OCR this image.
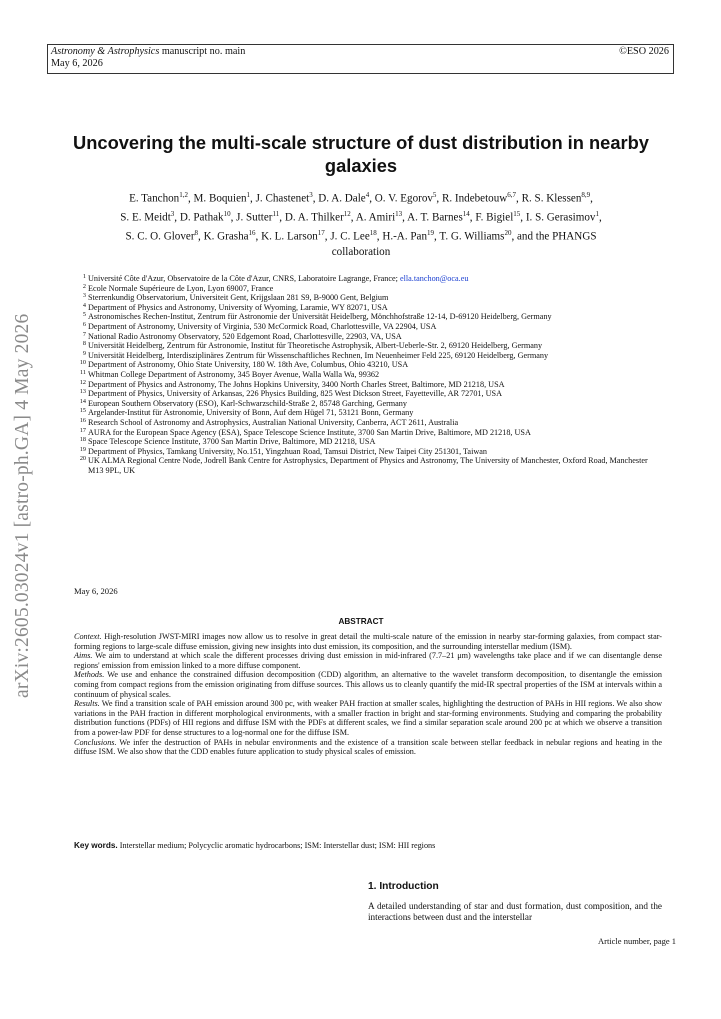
Astronomy & Astrophysics manuscript no. main
May 6, 2026
©ESO 2026
arXiv:2605.03024v1 [astro-ph.GA] 4 May 2026
Uncovering the multi-scale structure of dust distribution in nearby galaxies
E. Tanchon$^{1,2}$, M. Boquien$^1$, J. Chastenet$^3$, D. A. Dale$^4$, O. V. Egorov$^5$, R. Indebetouw$^{6,7}$, R. S. Klessen$^{8,9}$,
S. E. Meidt$^3$, D. Pathak$^{10}$, J. Sutter$^{11}$, D. A. Thilker$^{12}$, A. Amiri$^{13}$, A. T. Barnes$^{14}$, F. Bigiel$^{15}$, I. S. Gerasimov$^1$,
S. C. O. Glover$^8$, K. Grasha$^{16}$, K. L. Larson$^{17}$, J. C. Lee$^{18}$, H.-A. Pan$^{19}$, T. G. Williams$^{20}$, and the PHANGS
collaboration
1 Université Côte d'Azur, Observatoire de la Côte d'Azur, CNRS, Laboratoire Lagrange, France; ella.tanchon@oca.eu
2 Ecole Normale Supérieure de Lyon, Lyon 69007, France
3 Sterrenkundig Observatorium, Universiteit Gent, Krijgslaan 281 S9, B-9000 Gent, Belgium
4 Department of Physics and Astronomy, University of Wyoming, Laramie, WY 82071, USA
5 Astronomisches Rechen-Institut, Zentrum für Astronomie der Universität Heidelberg, Mönchhofstraße 12-14, D-69120 Heidelberg, Germany
6 Department of Astronomy, University of Virginia, 530 McCormick Road, Charlottesville, VA 22904, USA
7 National Radio Astronomy Observatory, 520 Edgemont Road, Charlottesville, 22903, VA, USA
8 Universität Heidelberg, Zentrum für Astronomie, Institut für Theoretische Astrophysik, Albert-Ueberle-Str. 2, 69120 Heidelberg, Germany
9 Universität Heidelberg, Interdisziplinäres Zentrum für Wissenschaftliches Rechnen, Im Neuenheimer Feld 225, 69120 Heidelberg, Germany
10 Department of Astronomy, Ohio State University, 180 W. 18th Ave, Columbus, Ohio 43210, USA
11 Whitman College Department of Astronomy, 345 Boyer Avenue, Walla Walla Wa, 99362
12 Department of Physics and Astronomy, The Johns Hopkins University, 3400 North Charles Street, Baltimore, MD 21218, USA
13 Department of Physics, University of Arkansas, 226 Physics Building, 825 West Dickson Street, Fayetteville, AR 72701, USA
14 European Southern Observatory (ESO), Karl-Schwarzschild-Straße 2, 85748 Garching, Germany
15 Argelander-Institut für Astronomie, University of Bonn, Auf dem Hügel 71, 53121 Bonn, Germany
16 Research School of Astronomy and Astrophysics, Australian National University, Canberra, ACT 2611, Australia
17 AURA for the European Space Agency (ESA), Space Telescope Science Institute, 3700 San Martin Drive, Baltimore, MD 21218, USA
18 Space Telescope Science Institute, 3700 San Martin Drive, Baltimore, MD 21218, USA
19 Department of Physics, Tamkang University, No.151, Yingzhuan Road, Tamsui District, New Taipei City 251301, Taiwan
20 UK ALMA Regional Centre Node, Jodrell Bank Centre for Astrophysics, Department of Physics and Astronomy, The University of Manchester, Oxford Road, Manchester M13 9PL, UK
May 6, 2026
ABSTRACT

Context. High-resolution JWST-MIRI images now allow us to resolve in great detail the multi-scale nature of the emission in nearby star-forming galaxies, from compact star-forming regions to large-scale diffuse emission, giving new insights into dust emission, its composition, and the surrounding interstellar medium (ISM).

Aims. We aim to understand at which scale the different processes driving dust emission in mid-infrared (7.7–21 μm) wavelengths take place and if we can disentangle dense regions' emission from emission linked to a more diffuse component.

Methods. We use and enhance the constrained diffusion decomposition (CDD) algorithm, an alternative to the wavelet transform decomposition, to disentangle the emission coming from compact regions from the emission originating from diffuse sources. This allows us to cleanly quantify the mid-IR spectral properties of the ISM at intervals within a continuum of physical scales.

Results. We find a transition scale of PAH emission around 300 pc, with weaker PAH fraction at smaller scales, highlighting the destruction of PAHs in HII regions. We also show variations in the PAH fraction in different morphological environments, with a smaller fraction in bright and star-forming environments. Studying and comparing the probability distribution functions (PDFs) of HII regions and diffuse ISM with the PDFs at different scales, we find a similar separation scale around 200 pc at which we observe a transition from a power-law PDF for dense structures to a log-normal one for the diffuse ISM.

Conclusions. We infer the destruction of PAHs in nebular environments and the existence of a transition scale between stellar feedback in nebular regions and heating in the diffuse ISM. We also show that the CDD enables future application to study physical scales of emission.

Key words. Interstellar medium; Polycyclic aromatic hydrocarbons; ISM: Interstellar dust; ISM: HII regions
1. Introduction
A detailed understanding of star and dust formation, dust composition, and the interactions between dust and the interstellar
Article number, page 1
